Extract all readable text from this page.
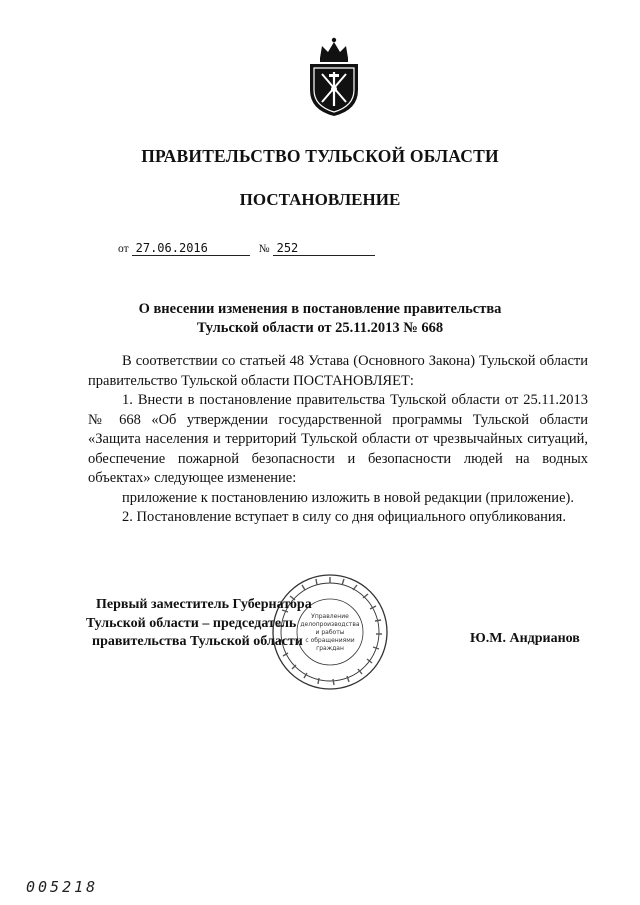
ПРАВИТЕЛЬСТВО ТУЛЬСКОЙ ОБЛАСТИ
ПОСТАНОВЛЕНИЕ
от 27.06.2016	№ 252
О внесении изменения в постановление правительства
Тульской области от 25.11.2013 № 668

В соответствии со статьей 48 Устава (Основного Закона) Тульской области правительство Тульской области ПОСТАНОВЛЯЕТ:

1. Внести в постановление правительства Тульской области от 25.11.2013 № 668 «Об утверждении государственной программы Тульской области «Защита населения и территорий Тульской области от чрезвычайных ситуаций, обеспечение пожарной безопасности и безопасности людей на водных объектах» следующее изменение:

приложение к постановлению изложить в новой редакции (приложение).

2. Постановление вступает в силу со дня официального опубликования.

Управление
делопроизводства
и работы
с обращениями
граждан
Первый заместитель Губернатора
Тульской области – председатель
правительства Тульской области	Ю.М. Андрианов
005218
